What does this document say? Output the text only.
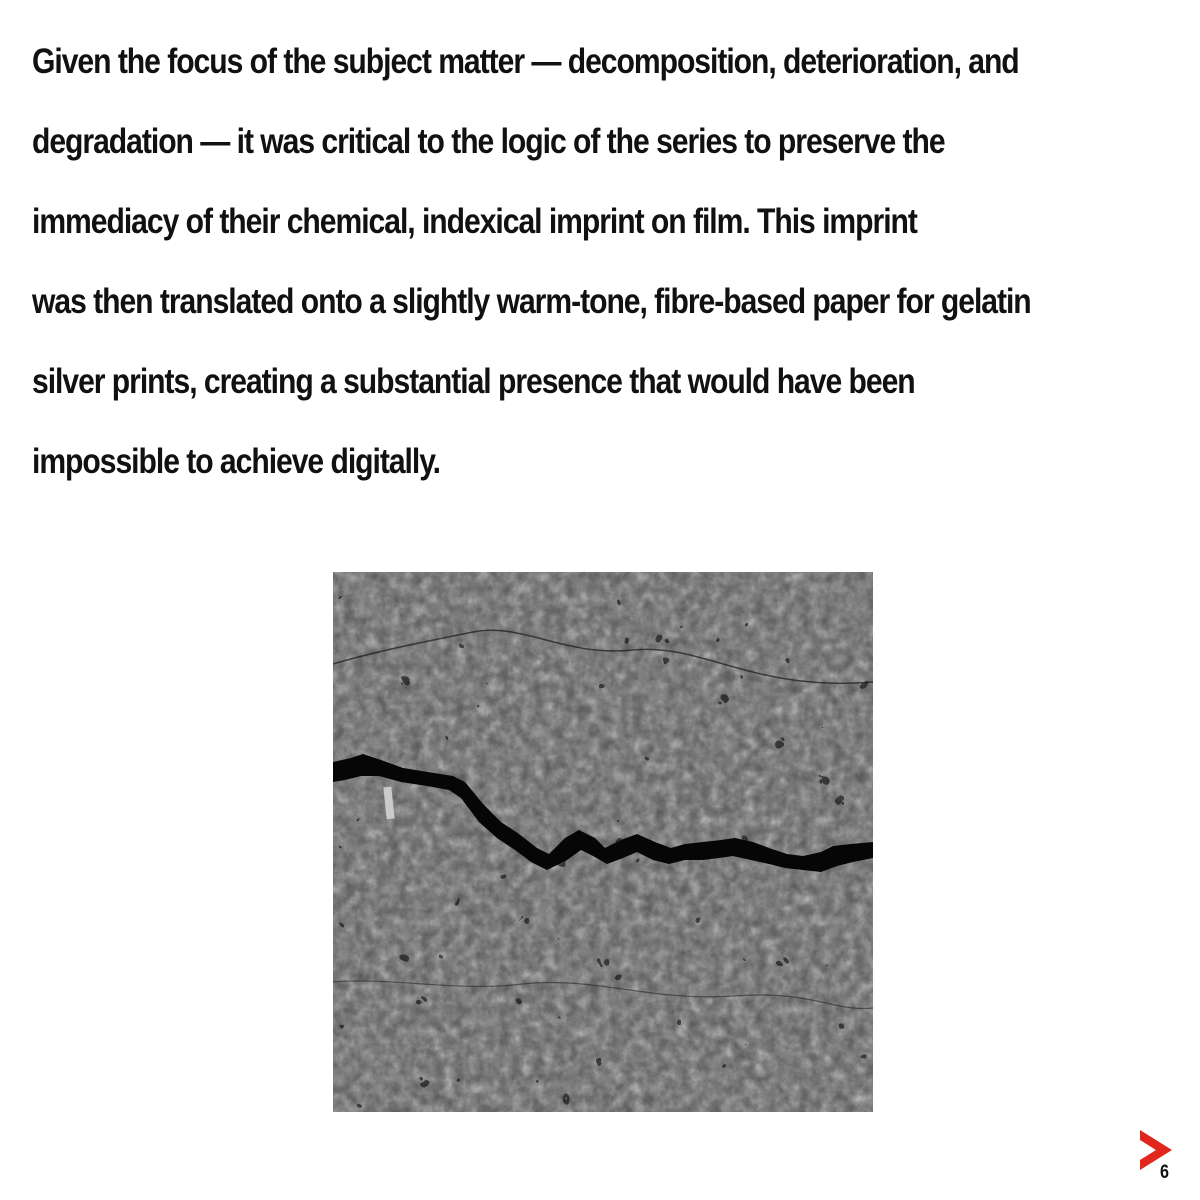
Given the focus of the subject matter — decomposition, deterioration, and
degradation — it was critical to the logic of the series to preserve the
immediacy of their chemical, indexical imprint on film. This imprint
was then translated onto a slightly warm-tone, fibre-based paper for gelatin
silver prints, creating a substantial presence that would have been
impossible to achieve digitally.
6
